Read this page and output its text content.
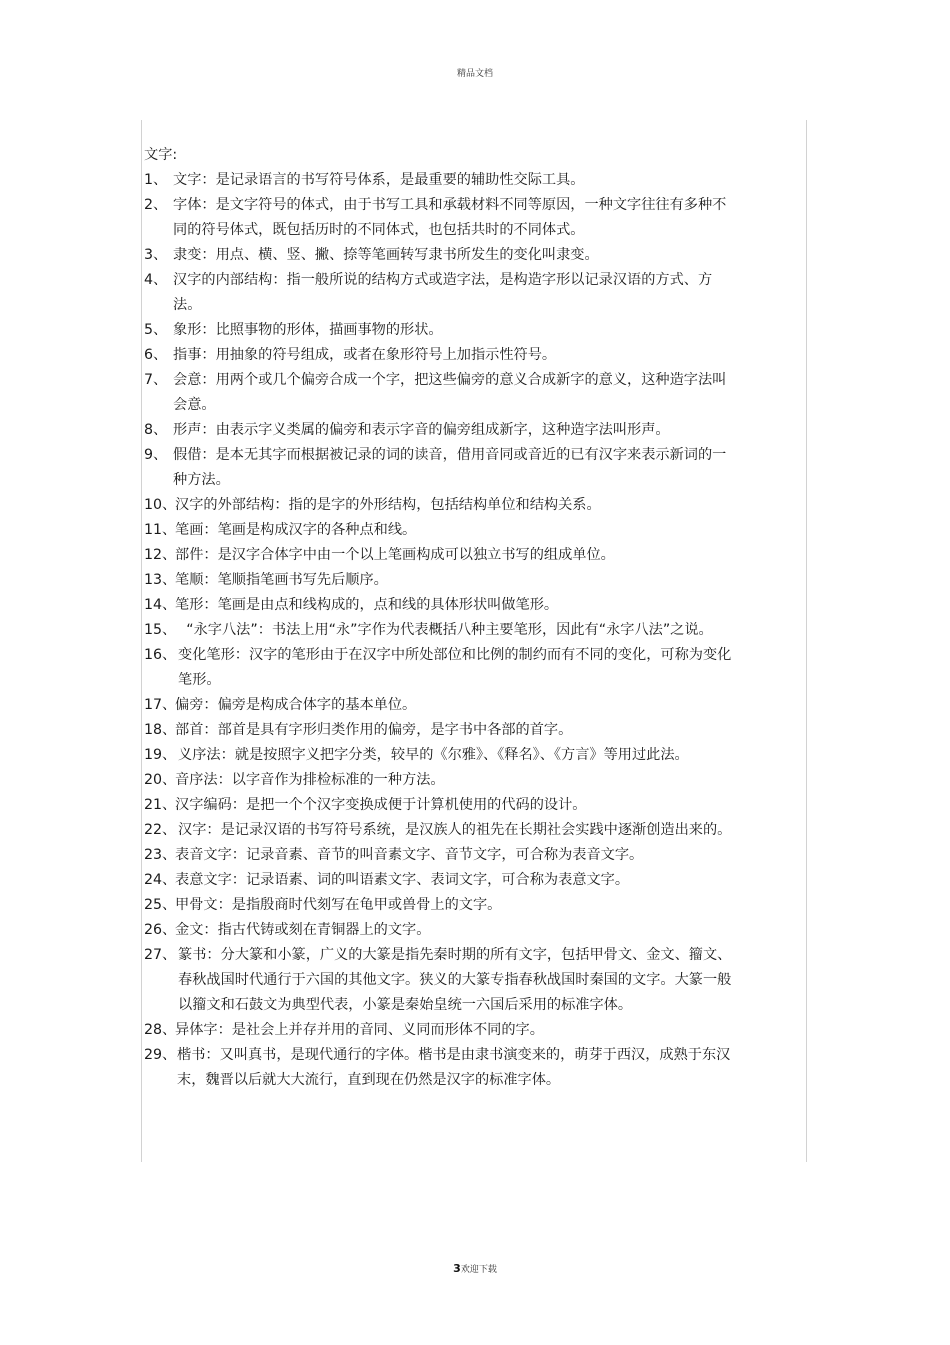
精品文档

文字:

1、 文字：是记录语言的书写符号体系，是最重要的辅助性交际工具。
2、 字体：是文字符号的体式，由于书写工具和承载材料不同等原因，一种文字往往有多种不同的符号体式，既包括历时的不同体式，也包括共时的不同体式。
3、 隶变：用点、横、竖、撇、捺等笔画转写隶书所发生的变化叫隶变。
4、 汉字的内部结构：指一般所说的结构方式或造字法，是构造字形以记录汉语的方式、方法。
5、 象形：比照事物的形体，描画事物的形状。
6、 指事：用抽象的符号组成，或者在象形符号上加指示性符号。
7、 会意：用两个或几个偏旁合成一个字，把这些偏旁的意义合成新字的意义，这种造字法叫会意。
8、 形声：由表示字义类属的偏旁和表示字音的偏旁组成新字，这种造字法叫形声。
9、 假借：是本无其字而根据被记录的词的读音，借用音同或音近的已有汉字来表示新词的一种方法。
10、
汉字的外部结构：指的是字的外形结构，包括结构单位和结构关系。
11、
笔画：笔画是构成汉字的各种点和线。
12、
部件：是汉字合体字中由一个以上笔画构成可以独立书写的组成单位。
13、
笔顺：笔顺指笔画书写先后顺序。
14、
笔形：笔画是由点和线构成的，点和线的具体形状叫做笔形。

15、 “永字八法”：书法上用“永”字作为代表概括八种主要笔形，因此有“永字八法”之说。

16、 变化笔形：汉字的笔形由于在汉字中所处部位和比例的制约而有不同的变化，可称为变化笔形。
17、
偏旁：偏旁是构成合体字的基本单位。
18、
部首：部首是具有字形归类作用的偏旁，是字书中各部的首字。
19、 义序法：就是按照字义把字分类，较早的《尔雅》、《释名》、《方言》等用过此法。
20、
音序法：以字音作为排检标准的一种方法。
21、
汉字编码：是把一个个汉字变换成便于计算机使用的代码的设计。
22、 汉字：是记录汉语的书写符号系统，是汉族人的祖先在长期社会实践中逐渐创造出来的。
23、
表音文字：记录音素、音节的叫音素文字、音节文字，可合称为表音文字。
24、
表意文字：记录语素、词的叫语素文字、表词文字，可合称为表意文字。
25、
甲骨文：是指殷商时代刻写在龟甲或兽骨上的文字。
26、
金文：指古代铸或刻在青铜器上的文字。
27、 篆书：分大篆和小篆，广义的大篆是指先秦时期的所有文字，包括甲骨文、金文、籀文、春秋战国时代通行于六国的其他文字。狭义的大篆专指春秋战国时秦国的文字。大篆一般以籀文和石鼓文为典型代表，小篆是秦始皇统一六国后采用的标准字体。
28、
异体字：是社会上并存并用的音同、义同而形体不同的字。
29、 楷书：又叫真书，是现代通行的字体。楷书是由隶书演变来的，萌芽于西汉，成熟于东汉末，魏晋以后就大大流行，直到现在仍然是汉字的标准字体。
3欢迎下载
